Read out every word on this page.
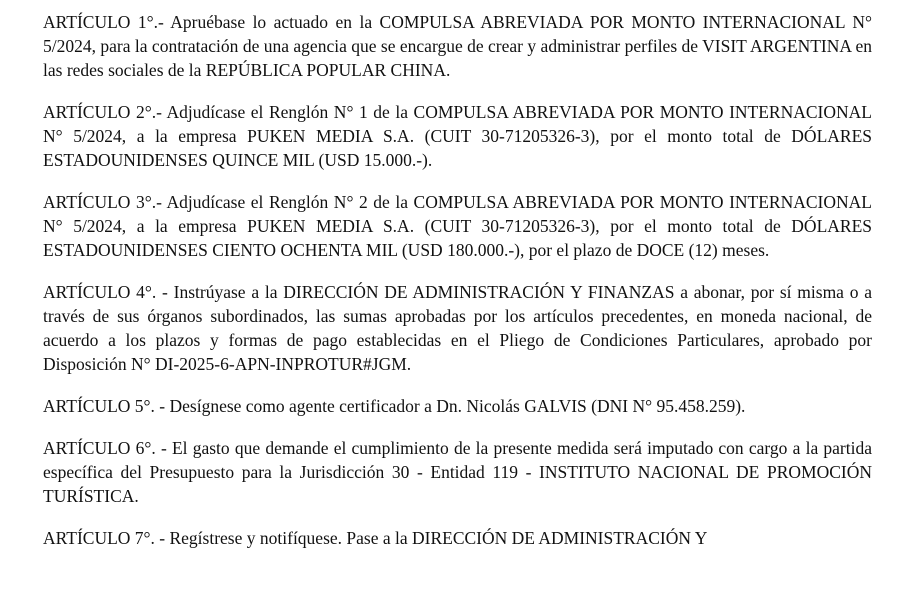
ARTÍCULO 1°.- Apruébase lo actuado en la COMPULSA ABREVIADA POR MONTO INTERNACIONAL N° 5/2024, para la contratación de una agencia que se encargue de crear y administrar perfiles de VISIT ARGENTINA en las redes sociales de la REPÚBLICA POPULAR CHINA.

ARTÍCULO 2°.- Adjudícase el Renglón N° 1 de la COMPULSA ABREVIADA POR MONTO INTERNACIONAL N° 5/2024, a la empresa PUKEN MEDIA S.A. (CUIT 30-71205326-3), por el monto total de DÓLARES ESTADOUNIDENSES QUINCE MIL (USD 15.000.-).

ARTÍCULO 3°.- Adjudícase el Renglón N° 2 de la COMPULSA ABREVIADA POR MONTO INTERNACIONAL N° 5/2024, a la empresa PUKEN MEDIA S.A. (CUIT 30-71205326-3), por el monto total de DÓLARES ESTADOUNIDENSES CIENTO OCHENTA MIL (USD 180.000.-), por el plazo de DOCE (12) meses.

ARTÍCULO 4°. - Instrúyase a la DIRECCIÓN DE ADMINISTRACIÓN Y FINANZAS a abonar, por sí misma o a través de sus órganos subordinados, las sumas aprobadas por los artículos precedentes, en moneda nacional, de acuerdo a los plazos y formas de pago establecidas en el Pliego de Condiciones Particulares, aprobado por Disposición N° DI-2025-6-APN-INPROTUR#JGM.

ARTÍCULO 5°. - Desígnese como agente certificador a Dn. Nicolás GALVIS (DNI N° 95.458.259).

ARTÍCULO 6°. - El gasto que demande el cumplimiento de la presente medida será imputado con cargo a la partida específica del Presupuesto para la Jurisdicción 30 - Entidad 119 - INSTITUTO NACIONAL DE PROMOCIÓN TURÍSTICA.

ARTÍCULO 7°. - Regístrese y notifíquese. Pase a la DIRECCIÓN DE ADMINISTRACIÓN Y
